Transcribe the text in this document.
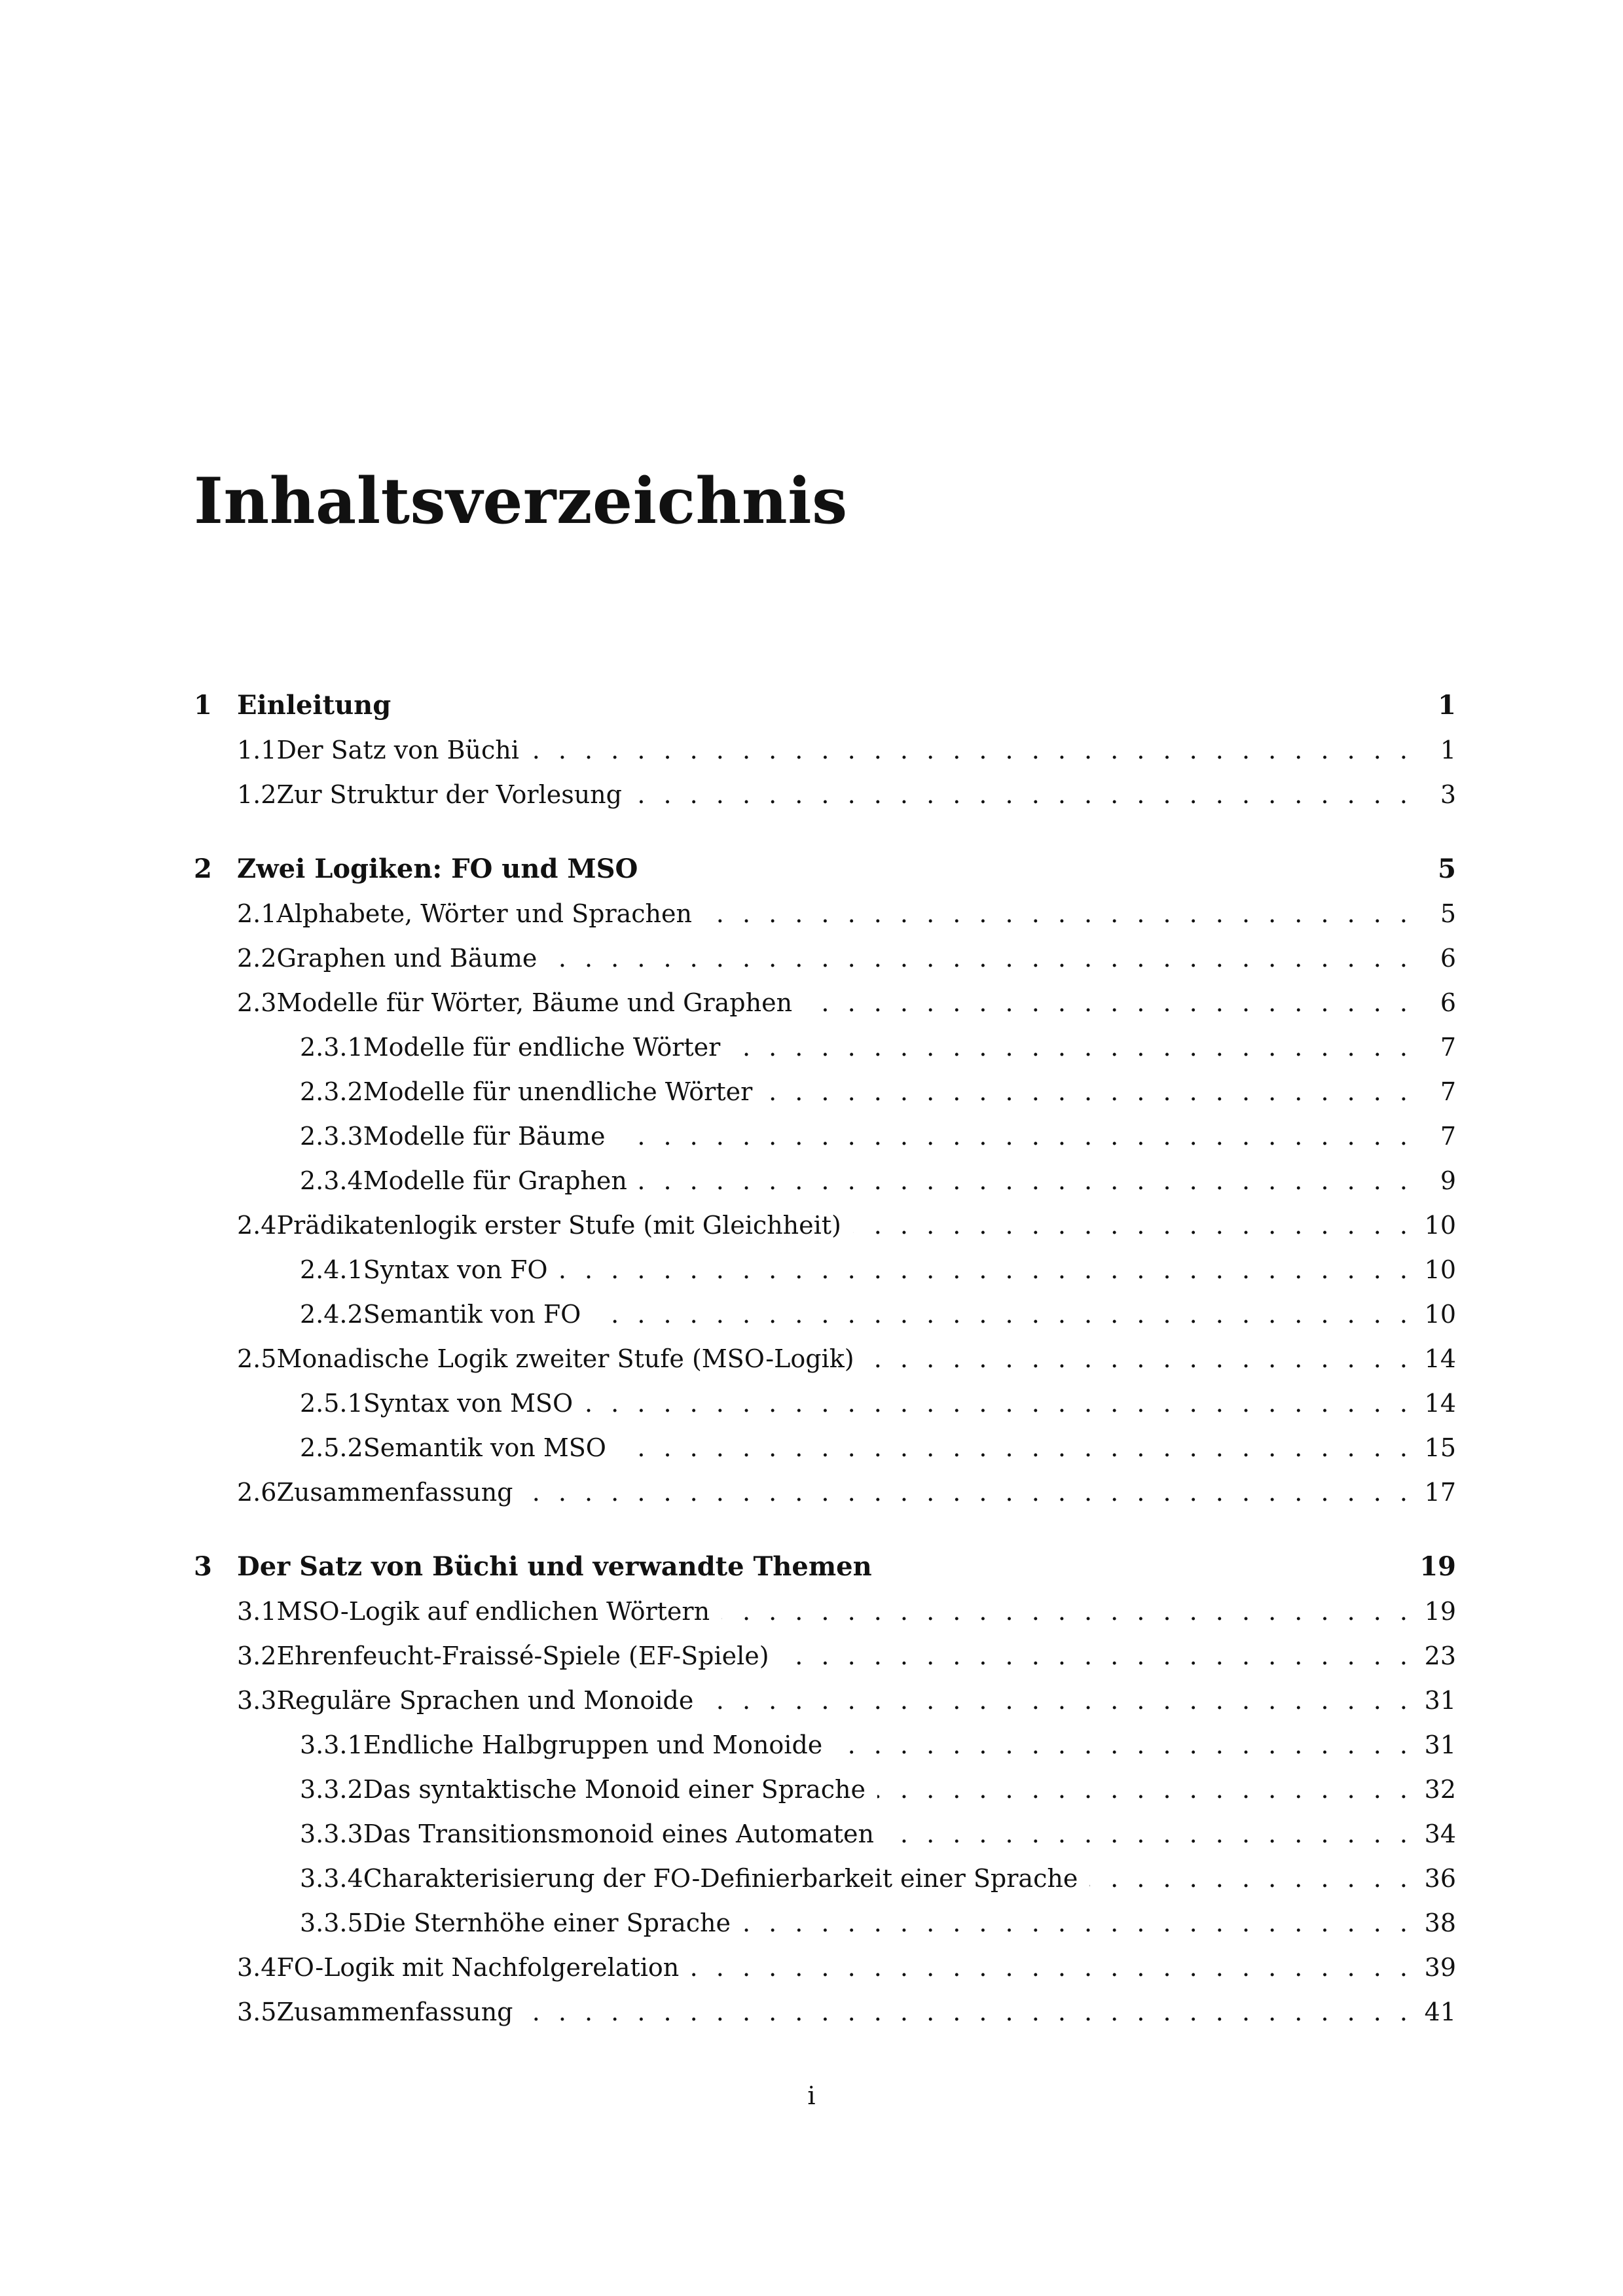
Inhaltsverzeichnis
1 Einleitung	1
1.1 Der Satz von Büchi . . .	1
1.2 Zur Struktur der Vorlesung . . .	3
2 Zwei Logiken: FO und MSO	5
2.1 Alphabete, Wörter und Sprachen . . .	5
2.2 Graphen und Bäume . . .	6
2.3 Modelle für Wörter, Bäume und Graphen . . .	6
2.3.1 Modelle für endliche Wörter . . .	7
2.3.2 Modelle für unendliche Wörter . . .	7
2.3.3 Modelle für Bäume . . .	7
2.3.4 Modelle für Graphen . . .	9
2.4 Prädikatenlogik erster Stufe (mit Gleichheit) . . .	10
2.4.1 Syntax von FO . . .	10
2.4.2 Semantik von FO . . .	10
2.5 Monadische Logik zweiter Stufe (MSO-Logik) . . .	14
2.5.1 Syntax von MSO . . .	14
2.5.2 Semantik von MSO . . .	15
2.6 Zusammenfassung . . .	17
3 Der Satz von Büchi und verwandte Themen	19
3.1 MSO-Logik auf endlichen Wörtern . . .	19
3.2 Ehrenfeucht-Fraissé-Spiele (EF-Spiele) . . .	23
3.3 Reguläre Sprachen und Monoide . . .	31
3.3.1 Endliche Halbgruppen und Monoide . . .	31
3.3.2 Das syntaktische Monoid einer Sprache . . .	32
3.3.3 Das Transitionsmonoid eines Automaten . . .	34
3.3.4 Charakterisierung der FO-Definierbarkeit einer Sprache . . .	36
3.3.5 Die Sternhöhe einer Sprache . . .	38
3.4 FO-Logik mit Nachfolgerelation . . .	39
3.5 Zusammenfassung . . .	41
i
